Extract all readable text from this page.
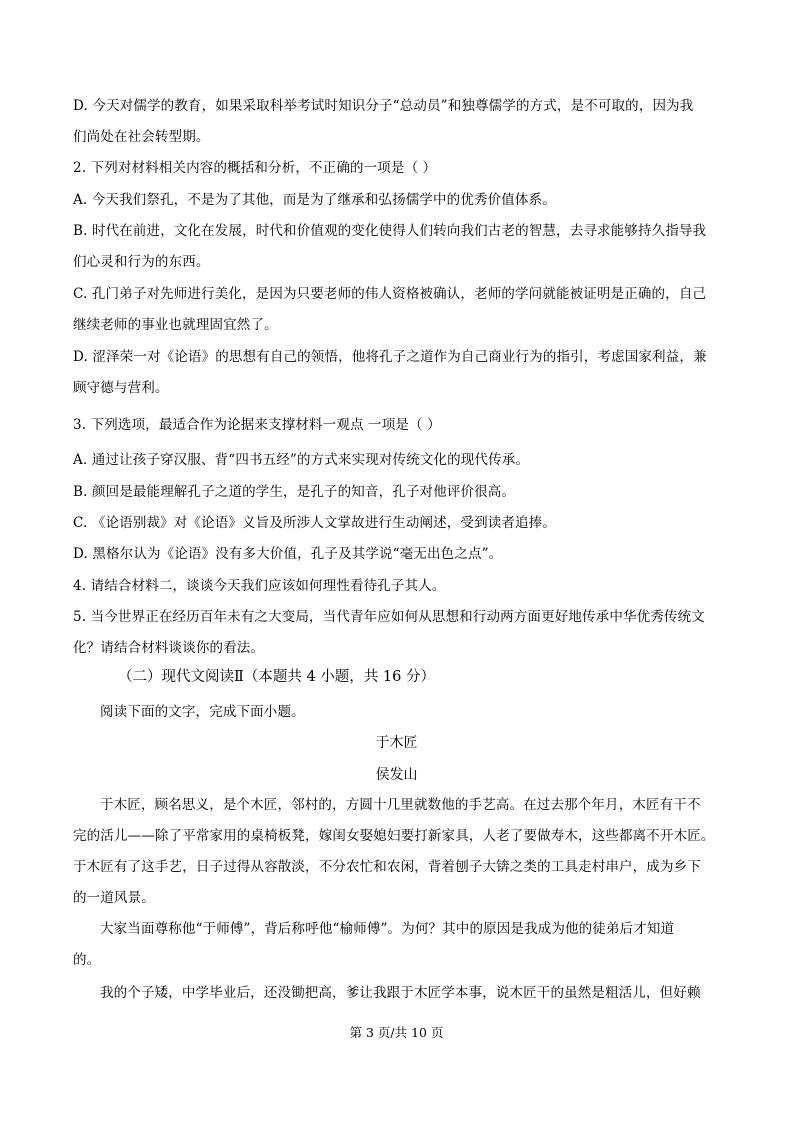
D. 今天对儒学的教育，如果采取科举考试时知识分子“总动员”和独尊儒学的方式，是不可取的，因为我
们尚处在社会转型期。
2. 下列对材料相关内容的概括和分析，不正确的一项是（ ）
A. 今天我们祭孔，不是为了其他，而是为了继承和弘扬儒学中的优秀价值体系。
B. 时代在前进，文化在发展，时代和价值观的变化使得人们转向我们古老的智慧，去寻求能够持久指导我
们心灵和行为的东西。
C. 孔门弟子对先师进行美化，是因为只要老师的伟人资格被确认，老师的学问就能被证明是正确的，自己
继续老师的事业也就理固宜然了。
D. 涩泽荣一对《论语》的思想有自己的领悟，他将孔子之道作为自己商业行为的指引，考虑国家利益，兼
顾守德与营利。
3. 下列选项，最适合作为论据来支撑材料一观点 一项是（ ）
A. 通过让孩子穿汉服、背“四书五经”的方式来实现对传统文化的现代传承。
B. 颜回是最能理解孔子之道的学生，是孔子的知音，孔子对他评价很高。
C. 《论语别裁》对《论语》义旨及所涉人文掌故进行生动阐述，受到读者追捧。
D. 黑格尔认为《论语》没有多大价值，孔子及其学说“毫无出色之点”。
4. 请结合材料二，谈谈今天我们应该如何理性看待孔子其人。
5. 当今世界正在经历百年未有之大变局，当代青年应如何从思想和行动两方面更好地传承中华优秀传统文
化？请结合材料谈谈你的看法。
（二）现代文阅读Ⅱ（本题共 4 小题，共 16 分）
阅读下面的文字，完成下面小题。
于木匠
侯发山
于木匠，顾名思义，是个木匠，邻村的，方圆十几里就数他的手艺高。在过去那个年月，木匠有干不
完的活儿——除了平常家用的桌椅板凳，嫁闺女娶媳妇要打新家具，人老了要做寿木，这些都离不开木匠。
于木匠有了这手艺，日子过得从容散淡，不分农忙和农闲，背着刨子大锛之类的工具走村串户，成为乡下
的一道风景。
大家当面尊称他“于师傅”，背后称呼他“榆师傅”。为何？其中的原因是我成为他的徒弟后才知道
的。
我的个子矮，中学毕业后，还没锄把高，爹让我跟于木匠学本事，说木匠干的虽然是粗活儿，但好赖
第 3 页/共 10 页
